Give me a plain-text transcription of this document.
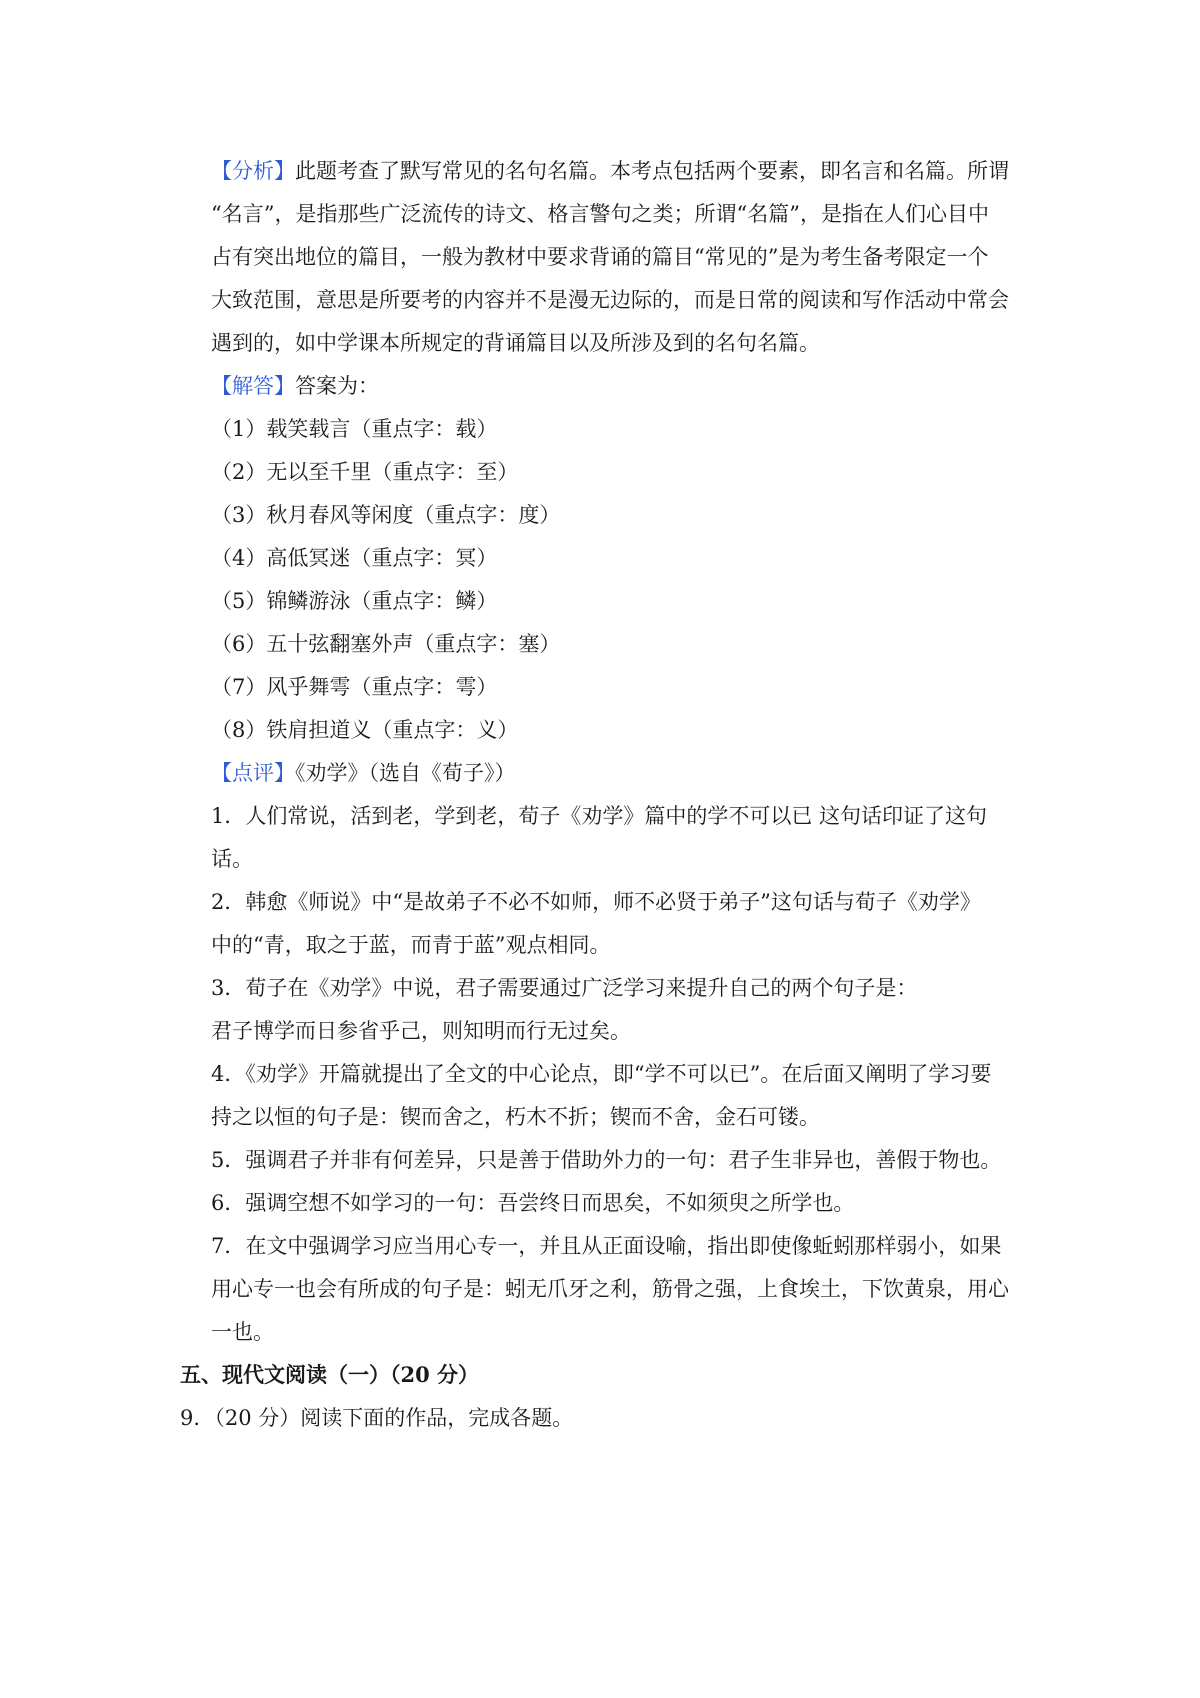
【分析】此题考查了默写常见的名句名篇。本考点包括两个要素，即名言和名篇。所谓
“名言”，是指那些广泛流传的诗文、格言警句之类；所谓“名篇”，是指在人们心目中
占有突出地位的篇目，一般为教材中要求背诵的篇目“常见的”是为考生备考限定一个
大致范围，意思是所要考的内容并不是漫无边际的，而是日常的阅读和写作活动中常会
遇到的，如中学课本所规定的背诵篇目以及所涉及到的名句名篇。
【解答】答案为：
（1）载笑载言（重点字：载）
（2）无以至千里（重点字：至）
（3）秋月春风等闲度（重点字：度）
（4）高低冥迷（重点字：冥）
（5）锦鳞游泳（重点字：鳞）
（6）五十弦翻塞外声（重点字：塞）
（7）风乎舞雩（重点字：雩）
（8）铁肩担道义（重点字：义）
【点评】《劝学》（选自《荀子》）
1．人们常说，活到老，学到老，荀子《劝学》篇中的学不可以已 这句话印证了这句
话。
2．韩愈《师说》中“是故弟子不必不如师，师不必贤于弟子”这句话与荀子《劝学》
中的“青，取之于蓝，而青于蓝”观点相同。
3．荀子在《劝学》中说，君子需要通过广泛学习来提升自己的两个句子是：
君子博学而日参省乎己，则知明而行无过矣。
4．《劝学》开篇就提出了全文的中心论点，即“学不可以已”。在后面又阐明了学习要
持之以恒的句子是：锲而舍之，朽木不折；锲而不舍，金石可镂。
5．强调君子并非有何差异，只是善于借助外力的一句：君子生非异也，善假于物也。
6．强调空想不如学习的一句：吾尝终日而思矣，不如须臾之所学也。
7．在文中强调学习应当用心专一，并且从正面设喻，指出即使像蚯蚓那样弱小，如果
用心专一也会有所成的句子是：蚓无爪牙之利，筋骨之强，上食埃土，下饮黄泉，用心
一也。
五、现代文阅读（一）（20 分）
9．（20 分）阅读下面的作品，完成各题。
